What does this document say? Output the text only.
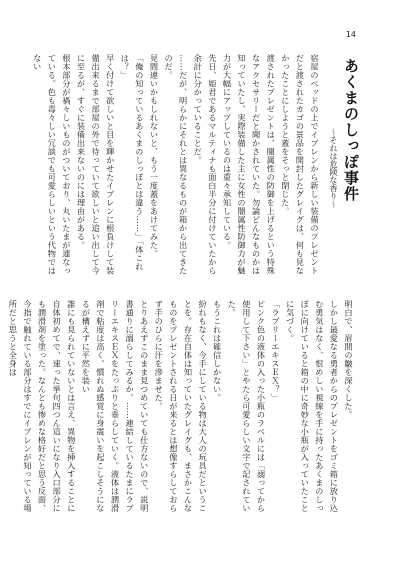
14
あくまのしっぽ事件
～それは危険な香り～

宿屋のベッドの上でイブレンから新しい装備のプレゼントだと渡されたカゴの景品を開封したグレイグは、何も見なかったことにしようと蓋をそっと閉じた。

渡されたプレゼントは、闇属性の防御を上げるという特殊なアクセサリーだと聞かされていた。勿論どんなものかは知っていたし、実際装備した主に女性の闇属性防御力が魅力が大幅にアップしているのは重々承知している。

先日、姫君であるマルティナも面白半分に付けていたから余計に分かっていることだ。

……だが、明らかにそれとは異なるものが箱から出てきたのだ。

見間違いかもしれないと、もう一度蓋をあけてみた。

「俺の知っているあくまのしっぽとは違う……」「体これは？」

早く付けて欲しいと目を輝かせたイブレンに根負けして装備出来るまで部屋の外で待っていて欲しいと追い出して今に至るが、すぐに装備出来ないのには理由がある。

根本部分が禍々しいものがついており、丸いたまが連なっている。色も毒々しい冗談でも可愛らしいという代物ではない

明白で、眉間の皺を深くした。

しかし最愛なる勇者からのプレゼントをゴミ箱に放り込む勇気はなく、恨めしい視線を手に持ったあくまのしっぽに向けていると箱の中に奇妙な小瓶が入っていたことに気づく。

「ラブリーエキスＥＸ？」

ピンク色の液体の入った小瓶のラベルには「溺ってから使用して下さい」とやたら可愛らしい文字で記されていた。

もうこれは確信しかない。

紛れもなく、今手にしている物は大人の玩具だということを。存在自体は知っていたグレイグも、まさかこんなものをプレゼントされる日が来るとは想像すらしておらず手のひらに汗を滲ませた。

とりあえずこのまま見つめていても仕方ないので、説明書通りに溺らしてみるか。……連結しているたまにラブリーエキスＥＸをたっぷりと垂らしていく。液体は潤滑剤で粘度は高く、慣れぬ感覚に身震いを起こしそうになるが構えずに平然を装い

誰にも見られていないとは言え、異物を挿入することに自体初めてで、速った挙句四つん這いになり入口部分にも潤滑剤を塗った。なんとも惨めな格好だと思う反面、今指で触れている部分はすでにイブレンが知っている場所だと思うと全身は
